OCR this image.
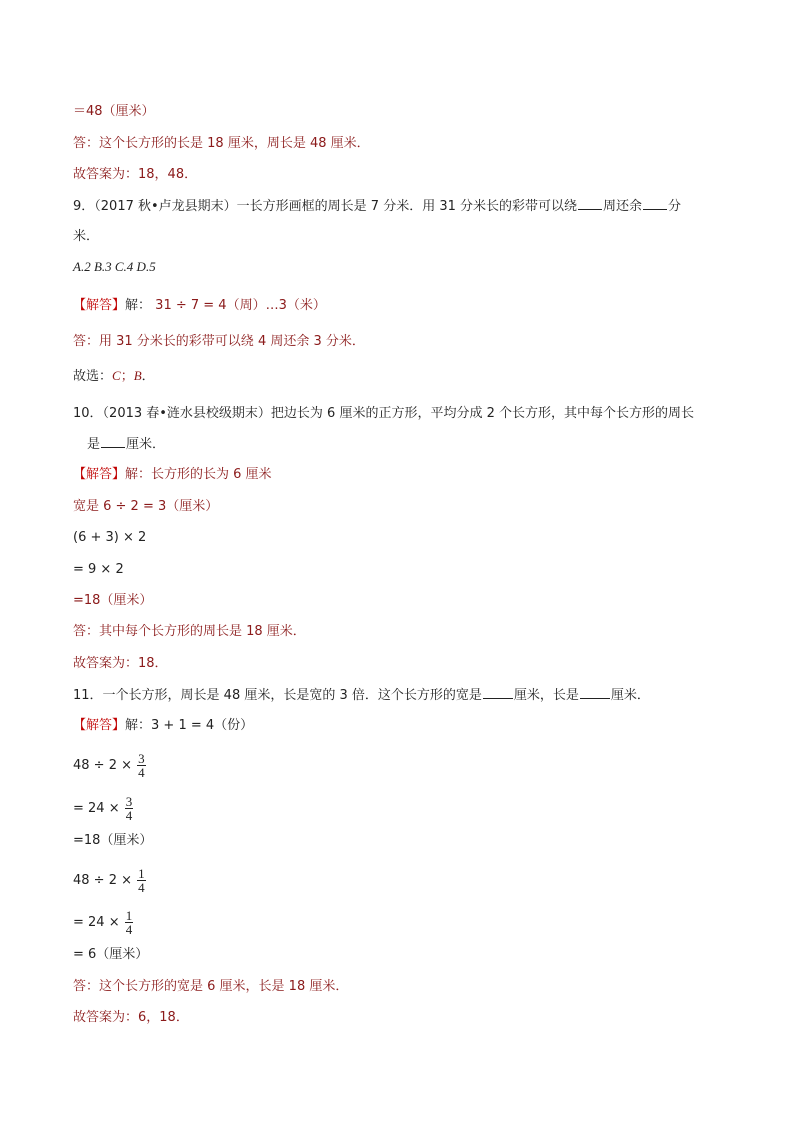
＝48（厘米）
答：这个长方形的长是 18 厘米，周长是 48 厘米．
故答案为：18，48．
9．（2017 秋•卢龙县期末）一长方形画框的周长是 7 分米．用 31 分米长的彩带可以绕 周还余 分
米．
A.2 B.3 C.4 D.5
【解答】解： 31 ÷ 7 = 4（周）…3（米）
答：用 31 分米长的彩带可以绕 4 周还余 3 分米．
故选：C；B．
10．（2013 春•涟水县校级期末）把边长为 6 厘米的正方形，平均分成 2 个长方形，其中每个长方形的周长
是 厘米．
【解答】解：长方形的长为 6 厘米
宽是 6 ÷ 2 = 3（厘米）
(6 + 3) × 2
= 9 × 2
=18（厘米）
答：其中每个长方形的周长是 18 厘米．
故答案为：18．
11．一个长方形，周长是 48 厘米，长是宽的 3 倍．这个长方形的宽是 厘米，长是 厘米．
【解答】解：3 + 1 = 4（份）
$48 \div 2 \times \frac{3}{4}$
= $24 \times \frac{3}{4}$
=18（厘米）
$48 \div 2 \times \frac{1}{4}$
= $24 \times \frac{1}{4}$
= 6（厘米）
答：这个长方形的宽是 6 厘米，长是 18 厘米．
故答案为：6，18．
